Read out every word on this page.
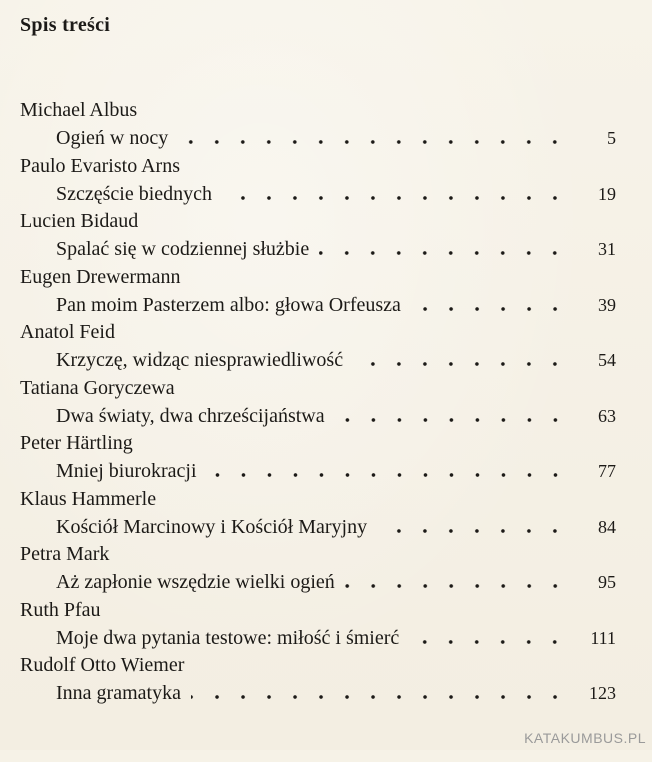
Spis treści
Michael Albus
Ogień w nocy	5
Paulo Evaristo Arns
Szczęście biednych	19
Lucien Bidaud
Spalać się w codziennej służbie	31
Eugen Drewermann
Pan moim Pasterzem albo: głowa Orfeusza	39
Anatol Feid
Krzyczę, widząc niesprawiedliwość	54
Tatiana Goryczewa
Dwa światy, dwa chrześcijaństwa	63
Peter Härtling
Mniej biurokracji	77
Klaus Hammerle
Kościół Marcinowy i Kościół Maryjny	84
Petra Mark
Aż zapłonie wszędzie wielki ogień	95
Ruth Pfau
Moje dwa pytania testowe: miłość i śmierć	111
Rudolf Otto Wiemer
Inna gramatyka	123
KATAKUMBUS.PL
